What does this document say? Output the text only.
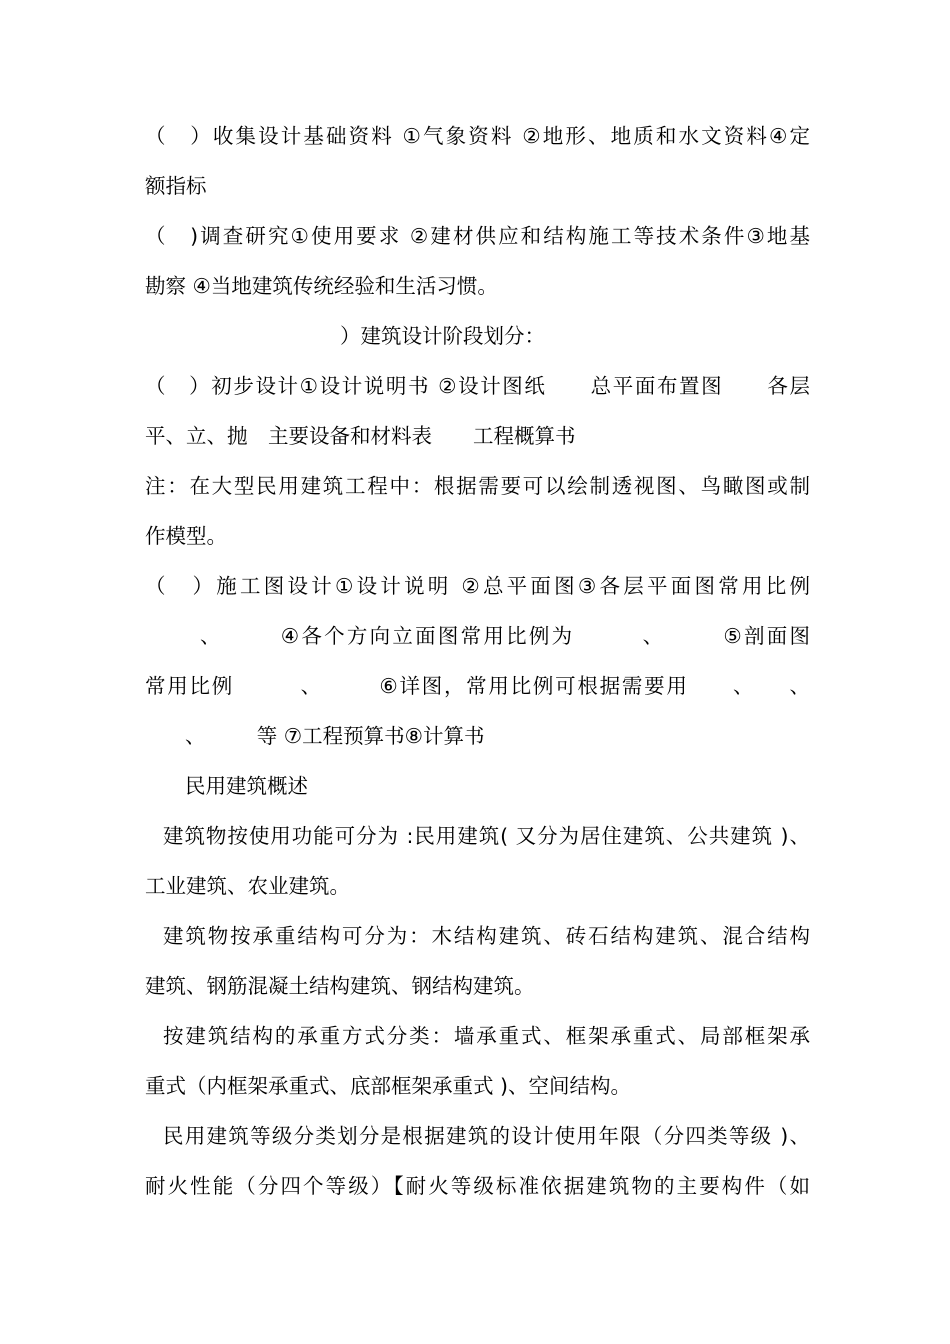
（　）收集设计基础资料 ①气象资料 ②地形、地质和水文资料④定
额指标
（　)调查研究①使用要求 ②建材供应和结构施工等技术条件③地基
勘察 ④当地建筑传统经验和生活习惯。
）建筑设计阶段划分：
（　）初步设计①设计说明书 ②设计图纸　　总平面布置图　　各层
平、立、抛　主要设备和材料表　　工程概算书
注：在大型民用建筑工程中：根据需要可以绘制透视图、鸟瞰图或制
作模型。
（　）施工图设计①设计说明 ②总平面图③各层平面图常用比例
、　　　④各个方向立面图常用比例为　　　、　　　⑤剖面图
常用比例　　　、　　　⑥详图，常用比例可根据需要用　　、　　、
、　　　等 ⑦工程预算书⑧计算书
民用建筑概述
建筑物按使用功能可分为 :民用建筑( 又分为居住建筑、公共建筑 )、
工业建筑、农业建筑。
建筑物按承重结构可分为：木结构建筑、砖石结构建筑、混合结构
建筑、钢筋混凝土结构建筑、钢结构建筑。
按建筑结构的承重方式分类：墙承重式、框架承重式、局部框架承
重式（内框架承重式、底部框架承重式 )、空间结构。
民用建筑等级分类划分是根据建筑的设计使用年限（分四类等级 )、
耐火性能（分四个等级）【耐火等级标准依据建筑物的主要构件（如
